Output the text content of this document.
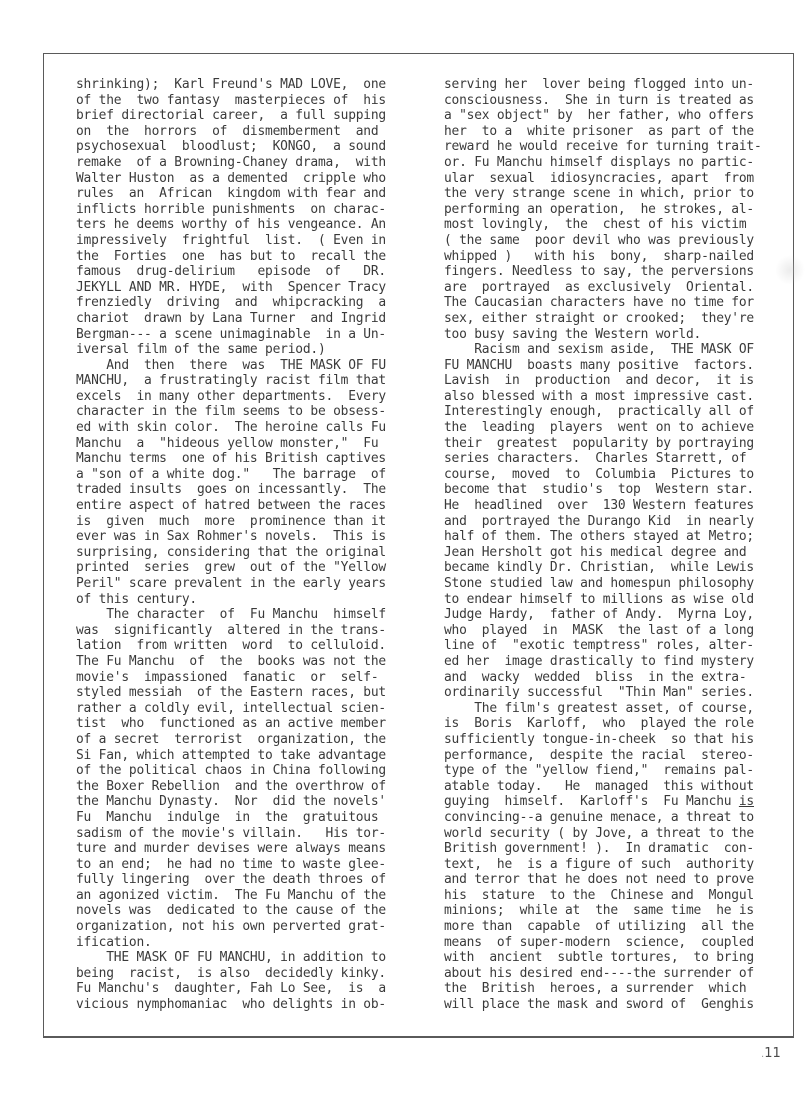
shrinking);  Karl Freund's MAD LOVE,  one
of the  two fantasy  masterpieces of  his
brief directorial career,  a full supping
on  the  horrors  of  dismemberment  and
psychosexual  bloodlust;  KONGO,  a sound
remake  of a Browning-Chaney drama,  with
Walter Huston  as a demented  cripple who
rules  an  African  kingdom with fear and
inflicts horrible punishments  on charac-
ters he deems worthy of his vengeance. An
impressively  frightful  list.  ( Even in
the  Forties  one  has but to  recall the
famous  drug-delirium   episode  of   DR.
JEKYLL AND MR. HYDE,  with  Spencer Tracy
frenziedly  driving  and  whipcracking  a
chariot  drawn by Lana Turner  and Ingrid
Bergman--- a scene unimaginable  in a Un-
iversal film of the same period.)
And  then  there  was  THE MASK OF FU
MANCHU,  a frustratingly racist film that
excels  in many other departments.  Every
character in the film seems to be obsess-
ed with skin color.  The heroine calls Fu
Manchu  a  "hideous yellow monster,"  Fu
Manchu terms  one of his British captives
a "son of a white dog."   The barrage  of
traded insults  goes on incessantly.  The
entire aspect of hatred between the races
is  given  much  more  prominence than it
ever was in Sax Rohmer's novels.  This is
surprising, considering that the original
printed  series  grew  out of the "Yellow
Peril" scare prevalent in the early years
of this century.
The character  of  Fu Manchu  himself
was  significantly  altered in the trans-
lation  from written  word  to celluloid.
The Fu Manchu  of  the  books was not the
movie's  impassioned  fanatic  or  self-
styled messiah  of the Eastern races, but
rather a coldly evil, intellectual scien-
tist  who  functioned as an active member
of a secret  terrorist  organization, the
Si Fan, which attempted to take advantage
of the political chaos in China following
the Boxer Rebellion  and the overthrow of
the Manchu Dynasty.  Nor  did the novels'
Fu  Manchu  indulge  in  the  gratuitous
sadism of the movie's villain.   His tor-
ture and murder devises were always means
to an end;  he had no time to waste glee-
fully lingering  over the death throes of
an agonized victim.  The Fu Manchu of the
novels was  dedicated to the cause of the
organization, not his own perverted grat-
ification.
THE MASK OF FU MANCHU, in addition to
being  racist,  is also  decidedly kinky.
Fu Manchu's  daughter, Fah Lo See,  is  a
vicious nymphomaniac  who delights in ob-
serving her  lover being flogged into un-
consciousness.  She in turn is treated as
a "sex object" by  her father, who offers
her  to a  white prisoner  as part of the
reward he would receive for turning trait-
or. Fu Manchu himself displays no partic-
ular  sexual  idiosyncracies, apart  from
the very strange scene in which, prior to
performing an operation,  he strokes, al-
most lovingly,  the  chest of his victim
( the same  poor devil who was previously
whipped )   with his  bony,  sharp-nailed
fingers. Needless to say, the perversions
are  portrayed  as exclusively  Oriental.
The Caucasian characters have no time for
sex, either straight or crooked;  they're
too busy saving the Western world.
Racism and sexism aside,  THE MASK OF
FU MANCHU  boasts many positive  factors.
Lavish  in  production  and decor,  it is
also blessed with a most impressive cast.
Interestingly enough,  practically all of
the  leading  players  went on to achieve
their  greatest  popularity by portraying
series characters.  Charles Starrett, of
course,  moved  to  Columbia  Pictures to
become that  studio's  top  Western star.
He  headlined  over  130 Western features
and  portrayed the Durango Kid  in nearly
half of them. The others stayed at Metro;
Jean Hersholt got his medical degree and
became kindly Dr. Christian,  while Lewis
Stone studied law and homespun philosophy
to endear himself to millions as wise old
Judge Hardy,  father of Andy.  Myrna Loy,
who  played  in  MASK  the last of a long
line of  "exotic temptress" roles, alter-
ed her  image drastically to find mystery
and  wacky  wedded  bliss  in the extra-
ordinarily successful  "Thin Man" series.
The film's greatest asset, of course,
is  Boris  Karloff,  who  played the role
sufficiently tongue-in-cheek  so that his
performance,  despite the racial  stereo-
type of the "yellow fiend,"  remains pal-
atable today.   He  managed  this without
guying  himself.  Karloff's  Fu Manchu is
convincing--a genuine menace, a threat to
world security ( by Jove, a threat to the
British government! ).  In dramatic  con-
text,  he  is a figure of such  authority
and terror that he does not need to prove
his  stature  to the  Chinese and  Mongul
minions;  while at  the  same time  he is
more than  capable  of utilizing  all the
means  of super-modern  science,  coupled
with  ancient  subtle tortures,  to bring
about his desired end----the surrender of
the  British  heroes, a surrender  which
will place the mask and sword of  Genghis
.11
